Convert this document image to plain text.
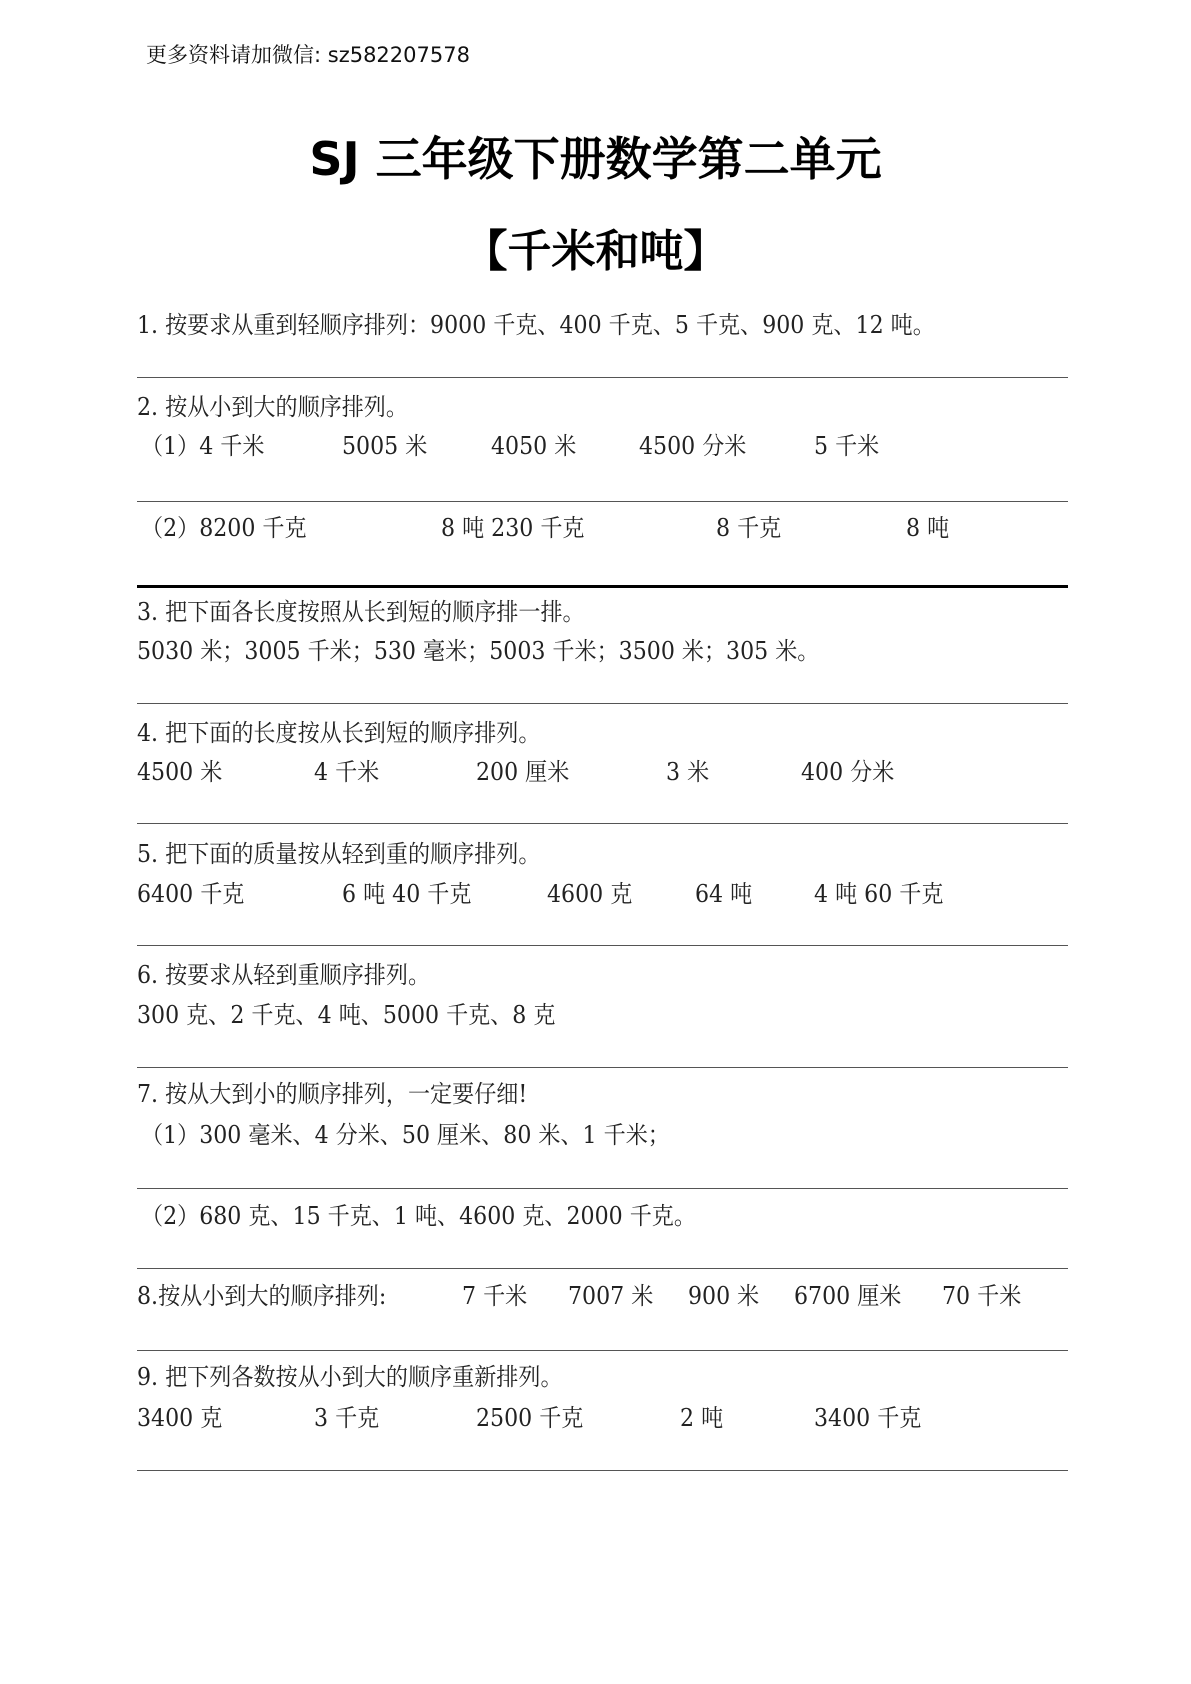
更多资料请加微信: sz582207578
SJ 三年级下册数学第二单元
【千米和吨】
1. 按要求从重到轻顺序排列：9000 千克、400 千克、5 千克、900 克、12 吨。
2. 按从小到大的顺序排列。
（1）4 千米	5005 米	4050 米	4500 分米	5 千米
（2）8200 千克	8 吨 230 千克	8 千克	8 吨
3. 把下面各长度按照从长到短的顺序排一排。
5030 米；3005 千米；530 毫米；5003 千米；3500 米；305 米。
4. 把下面的长度按从长到短的顺序排列。
4500 米	4 千米	200 厘米	3 米	400 分米
5. 把下面的质量按从轻到重的顺序排列。
6400 千克	6 吨 40 千克	4600 克	64 吨	4 吨 60 千克
6. 按要求从轻到重顺序排列。
300 克、2 千克、4 吨、5000 千克、8 克
7. 按从大到小的顺序排列，一定要仔细!
（1）300 毫米、4 分米、50 厘米、80 米、1 千米；
（2）680 克、15 千克、1 吨、4600 克、2000 千克。
8.按从小到大的顺序排列:	7 千米 7007 米 900 米 6700 厘米 70 千米
9. 把下列各数按从小到大的顺序重新排列。
3400 克	3 千克	2500 千克	2 吨	3400 千克
